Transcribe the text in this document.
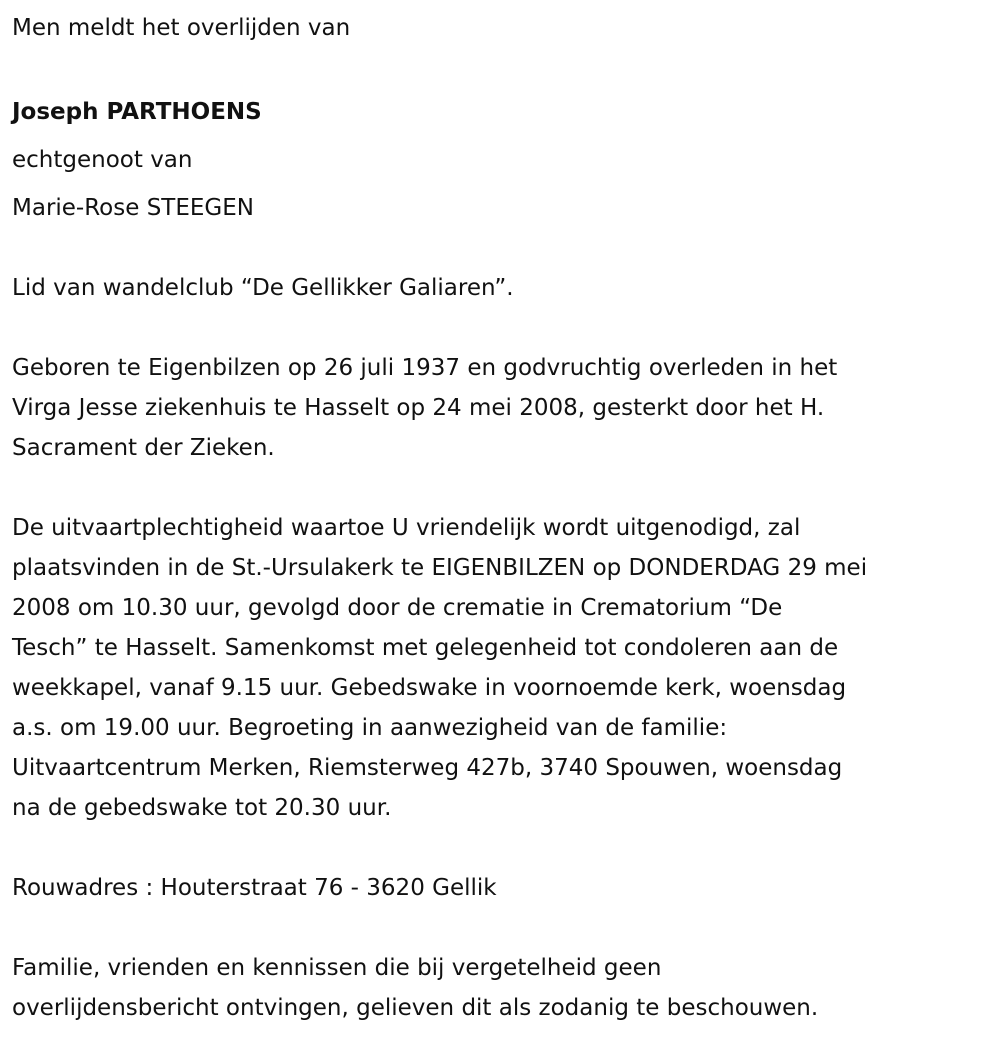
Men meldt het overlijden van
Joseph PARTHOENS
echtgenoot van
Marie-Rose STEEGEN
Lid van wandelclub “De Gellikker Galiaren”.
Geboren te Eigenbilzen op 26 juli 1937 en godvruchtig overleden in het
Virga Jesse ziekenhuis te Hasselt op 24 mei 2008, gesterkt door het H.
Sacrament der Zieken.
De uitvaartplechtigheid waartoe U vriendelijk wordt uitgenodigd, zal
plaatsvinden in de St.-Ursulakerk te EIGENBILZEN op DONDERDAG 29 mei
2008 om 10.30 uur, gevolgd door de crematie in Crematorium “De
Tesch” te Hasselt. Samenkomst met gelegenheid tot condoleren aan de
weekkapel, vanaf 9.15 uur. Gebedswake in voornoemde kerk, woensdag
a.s. om 19.00 uur. Begroeting in aanwezigheid van de familie:
Uitvaartcentrum Merken, Riemsterweg 427b, 3740 Spouwen, woensdag
na de gebedswake tot 20.30 uur.
Rouwadres : Houterstraat 76 - 3620 Gellik
Familie, vrienden en kennissen die bij vergetelheid geen
overlijdensbericht ontvingen, gelieven dit als zodanig te beschouwen.
